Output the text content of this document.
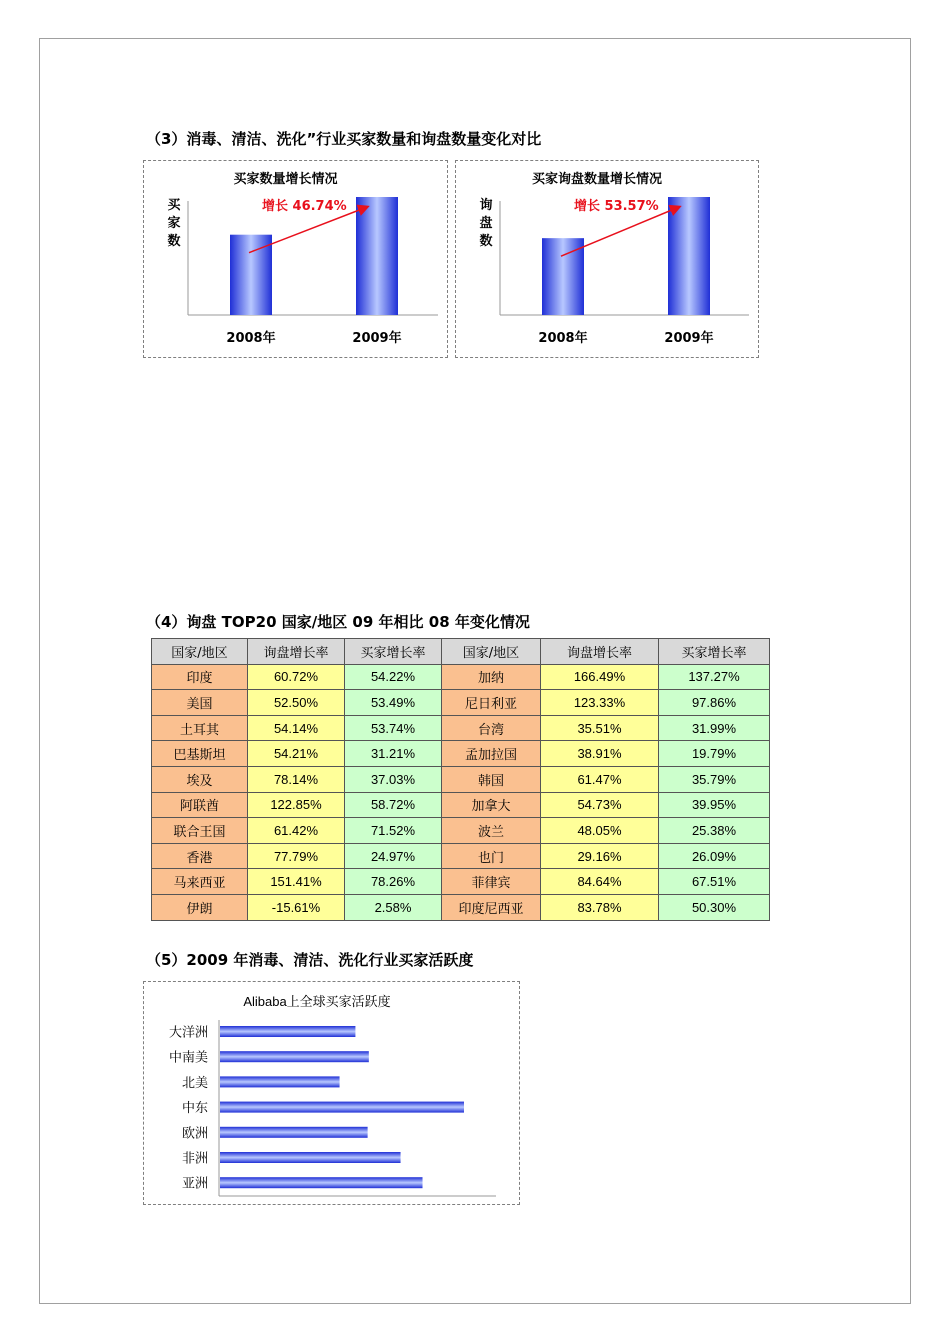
（3）消毒、清洁、洗化”行业买家数量和询盘数量变化对比
买家数量增长情况
买
家
数
2008年	2009年
增长 46.74%
买家询盘数量增长情况
询
盘
数
2008年	2009年
增长 53.57%
（4）询盘 TOP20 国家/地区 09 年相比 08 年变化情况
国家/地区	询盘增长率	买家增长率	国家/地区	询盘增长率	买家增长率
印度	60.72%	54.22%	加纳	166.49%	137.27%
美国	52.50%	53.49%	尼日利亚	123.33%	97.86%
土耳其	54.14%	53.74%	台湾	35.51%	31.99%
巴基斯坦	54.21%	31.21%	孟加拉国	38.91%	19.79%
埃及	78.14%	37.03%	韩国	61.47%	35.79%
阿联酋	122.85%	58.72%	加拿大	54.73%	39.95%
联合王国	61.42%	71.52%	波兰	48.05%	25.38%
香港	77.79%	24.97%	也门	29.16%	26.09%
马来西亚	151.41%	78.26%	菲律宾	84.64%	67.51%
伊朗	-15.61%	2.58%	印度尼西亚	83.78%	50.30%
（5）2009 年消毒、清洁、洗化行业买家活跃度
Alibaba上全球买家活跃度
大洋洲
中南美
北美
中东
欧洲
非洲
亚洲
